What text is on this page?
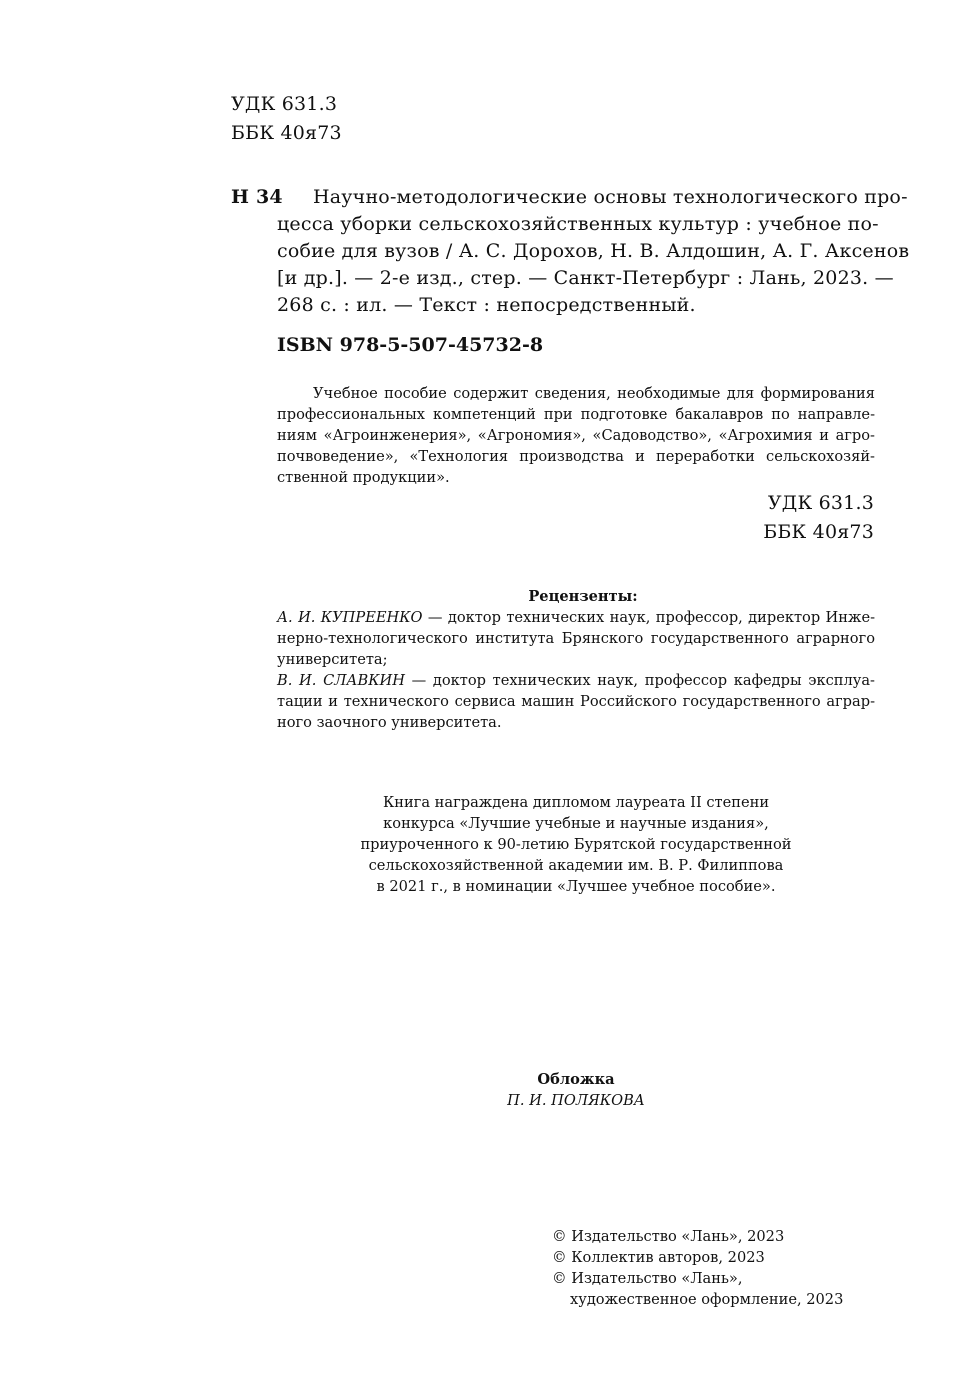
УДК 631.3
ББК 40я73
Н 34	Научно-методологические основы технологического про-
цесса уборки сельскохозяйственных культур : учебное по-
собие для вузов / А. С. Дорохов, Н. В. Алдошин, А. Г. Аксенов
[и др.]. — 2-е изд., стер. — Санкт-Петербург : Лань, 2023. —
268 с. : ил. — Текст : непосредственный.
ISBN 978-5-507-45732-8
Учебное пособие содержит сведения, необходимые для формирования
профессиональных компетенций при подготовке бакалавров по направле-
ниям «Агроинженерия», «Агрономия», «Садоводство», «Агрохимия и агро-
почвоведение», «Технология производства и переработки сельскохозяй-
ственной продукции».
УДК 631.3
ББК 40я73
Рецензенты:
А. И. КУПРЕЕНКО — доктор технических наук, профессор, директор Инже-
нерно-технологического института Брянского государственного аграрного
университета;
В. И. СЛАВКИН — доктор технических наук, профессор кафедры эксплуа-
тации и технического сервиса машин Российского государственного аграр-
ного заочного университета.
Книга награждена дипломом лауреата II степени
конкурса «Лучшие учебные и научные издания»,
приуроченного к 90-летию Бурятской государственной
сельскохозяйственной академии им. В. Р. Филиппова
в 2021 г., в номинации «Лучшее учебное пособие».
Обложка
П. И. ПОЛЯКОВА
© Издательство «Лань», 2023
© Коллектив авторов, 2023
© Издательство «Лань»,
художественное оформление, 2023
